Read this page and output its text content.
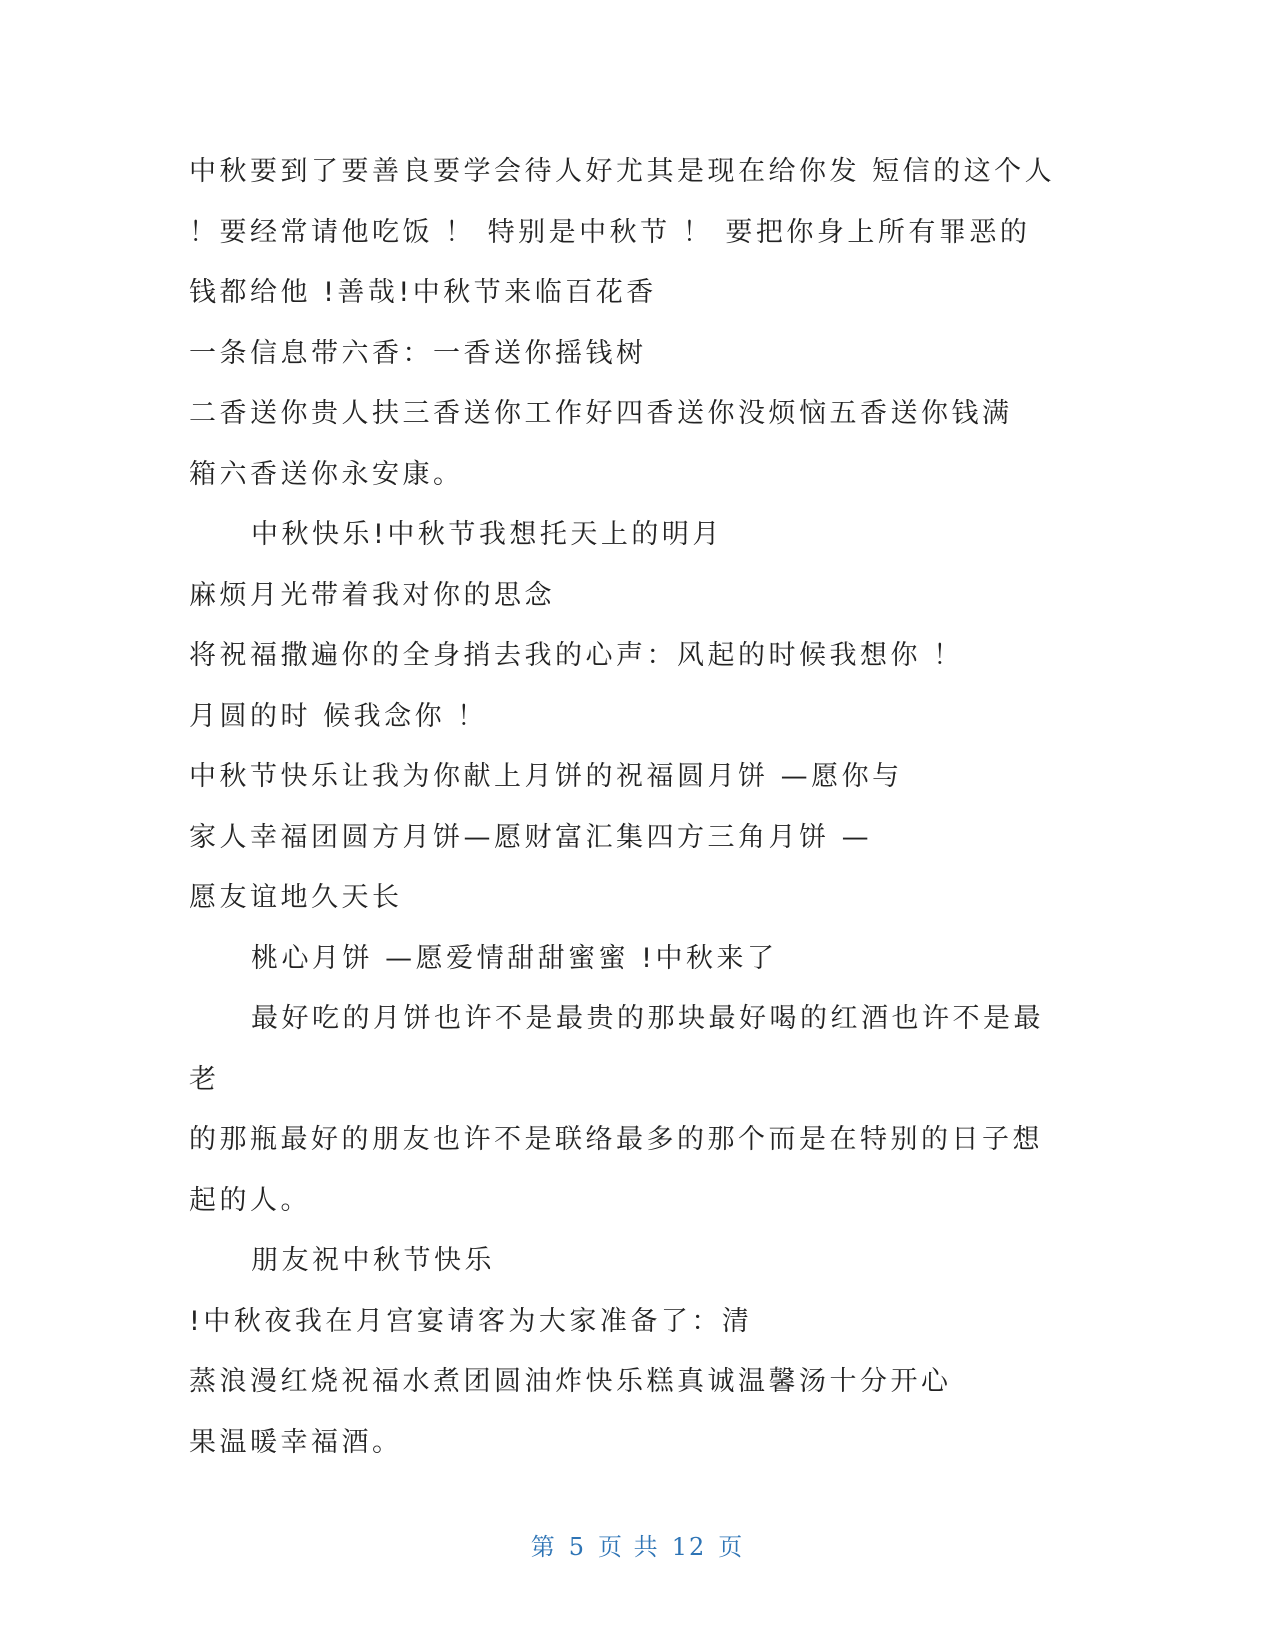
中秋要到了要善良要学会待人好尤其是现在给你发 短信的这个人
！要经常请他吃饭 ！ 特别是中秋节 ！ 要把你身上所有罪恶的
钱都给他 !善哉!中秋节来临百花香
一条信息带六香：一香送你摇钱树
二香送你贵人扶三香送你工作好四香送你没烦恼五香送你钱满
箱六香送你永安康。
中秋快乐!中秋节我想托天上的明月
麻烦月光带着我对你的思念
将祝福撒遍你的全身捎去我的心声：风起的时候我想你 ！
月圆的时 候我念你 ！
中秋节快乐让我为你献上月饼的祝福圆月饼 —愿你与
家人幸福团圆方月饼—愿财富汇集四方三角月饼 —
愿友谊地久天长
桃心月饼 —愿爱情甜甜蜜蜜 !中秋来了
最好吃的月饼也许不是最贵的那块最好喝的红酒也许不是最
老
的那瓶最好的朋友也许不是联络最多的那个而是在特别的日子想
起的人。
朋友祝中秋节快乐
!中秋夜我在月宫宴请客为大家准备了：清
蒸浪漫红烧祝福水煮团圆油炸快乐糕真诚温馨汤十分开心
果温暖幸福酒。
第 5 页 共 12 页
